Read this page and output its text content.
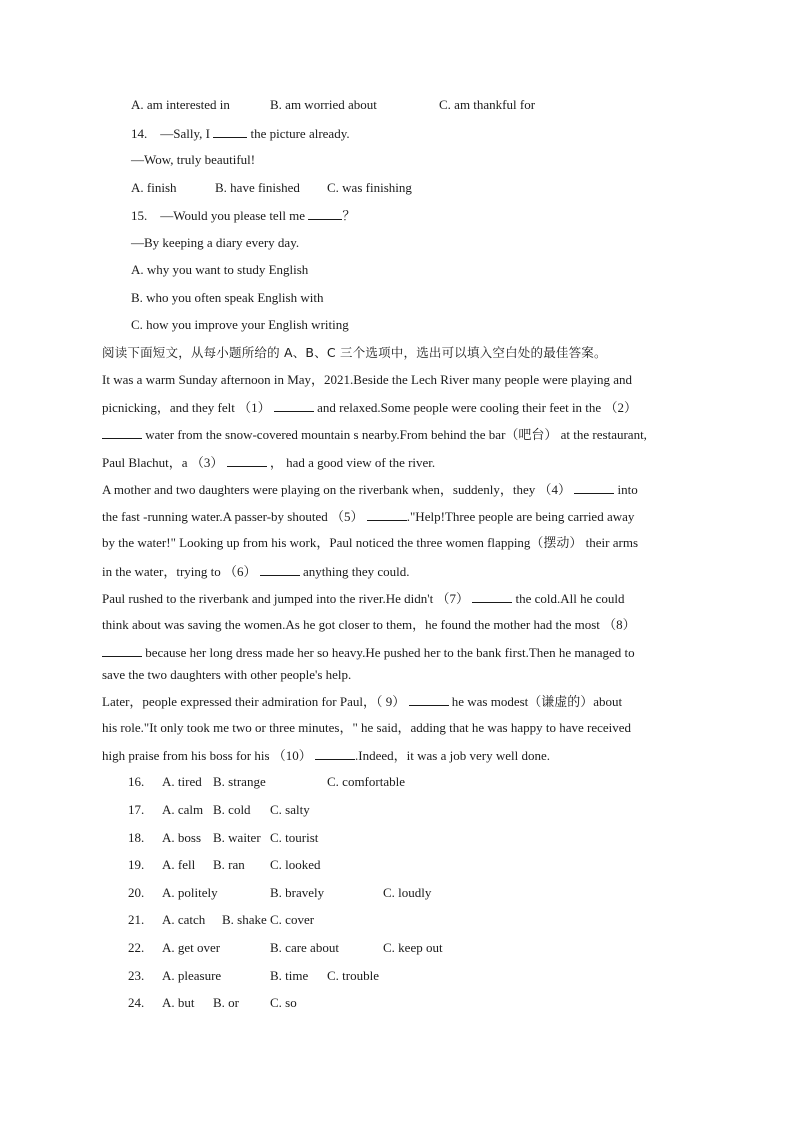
A. am interested in	B. am worried about	C. am thankful for
14. —Sally, I	the picture already.
—Wow, truly beautiful!
A. finish	B. have finished C. was finishing
15. —Would you please tell me	？
—By keeping a diary every day.
A. why you want to study English
B. who you often speak English with
C. how you improve your English writing
阅读下面短文，从每小题所给的 A、B、C 三个选项中，选出可以填入空白处的最佳答案。
It was a warm Sunday afternoon in May，2021.Beside the Lech River many people were playing and
picnicking，and they felt （1）	and relaxed.Some people were cooling their feet in the （2）
water from the snow-covered mountain s nearby.From behind the bar（吧台） at the restaurant,
Paul Blachut，a （3）	， had a good view of the river.
A mother and two daughters were playing on the riverbank when，suddenly，they （4）	into
the fast -running water.A passer-by shouted （5）	."Help!Three people are being carried away
by the water!" Looking up from his work，Paul noticed the three women flapping（摆动） their arms
in the water，trying to （6）	anything they could.
Paul rushed to the riverbank and jumped into the river.He didn't （7）	the cold.All he could
think about was saving the women.As he got closer to them，he found the mother had the most （8）
because her long dress made her so heavy.He pushed her to the bank first.Then he managed to
save the two daughters with other people's help.
Later，people expressed their admiration for Paul，（ 9）	he was modest（谦虚的）about
his role."It only took me two or three minutes，" he said，adding that he was happy to have received
high praise from his boss for his （10）	.Indeed，it was a job very well done.
16. A. tired B. strange	C. comfortable
17. A. calm B. cold C. salty
18. A. boss B. waiter C. tourist
19. A. fell B. ran C. looked
20. A. politely	B. bravely	C. loudly
21. A. catch B. shake C. cover
22. A. get over	B. care about	C. keep out
23. A. pleasure	B. time C. trouble
24. A. but B. or C. so
